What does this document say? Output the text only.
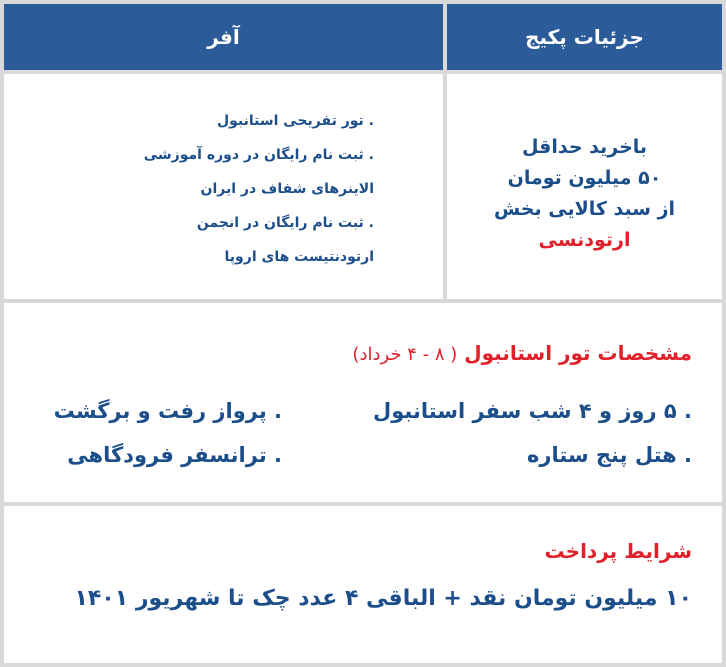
جزئیات پکیج
آفر
باخرید حداقل
۵۰ میلیون تومان
از سبد کالایی بخش
ارتودنسی
. تور تفریحی استانبول
. ثبت نام رایگان در دوره آموزشی
الاینرهای شفاف در ایران
. ثبت نام رایگان در انجمن
ارتودنتیست های اروپا
مشخصات تور استانبول ( ۸ - ۴ خرداد)
. ۵ روز و ۴ شب سفر استانبول
. هتل پنج ستاره
. پرواز رفت و برگشت
. ترانسفر فرودگاهی
شرایط پرداخت
۱۰ میلیون تومان نقد + الباقی ۴ عدد چک تا شهریور ۱۴۰۱
